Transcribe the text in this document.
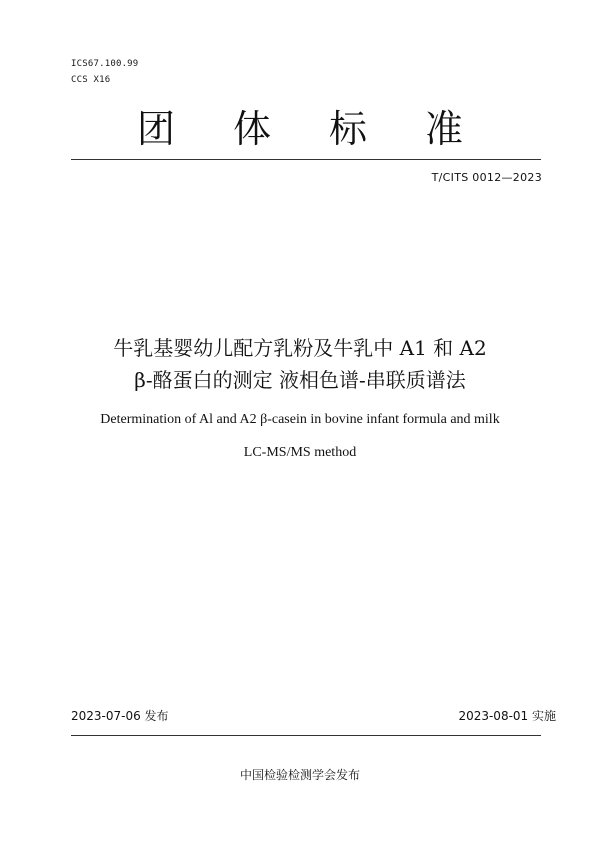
ICS67.100.99
CCS X16
团 体 标 准
T/CITS 0012—2023
牛乳基婴幼儿配方乳粉及牛乳中 A1 和 A2
β-酪蛋白的测定 液相色谱-串联质谱法
Determination of Al and A2 β-casein in bovine infant formula and milk
LC-MS/MS method
2023-07-06 发布	2023-08-01 实施
中国检验检测学会发布
